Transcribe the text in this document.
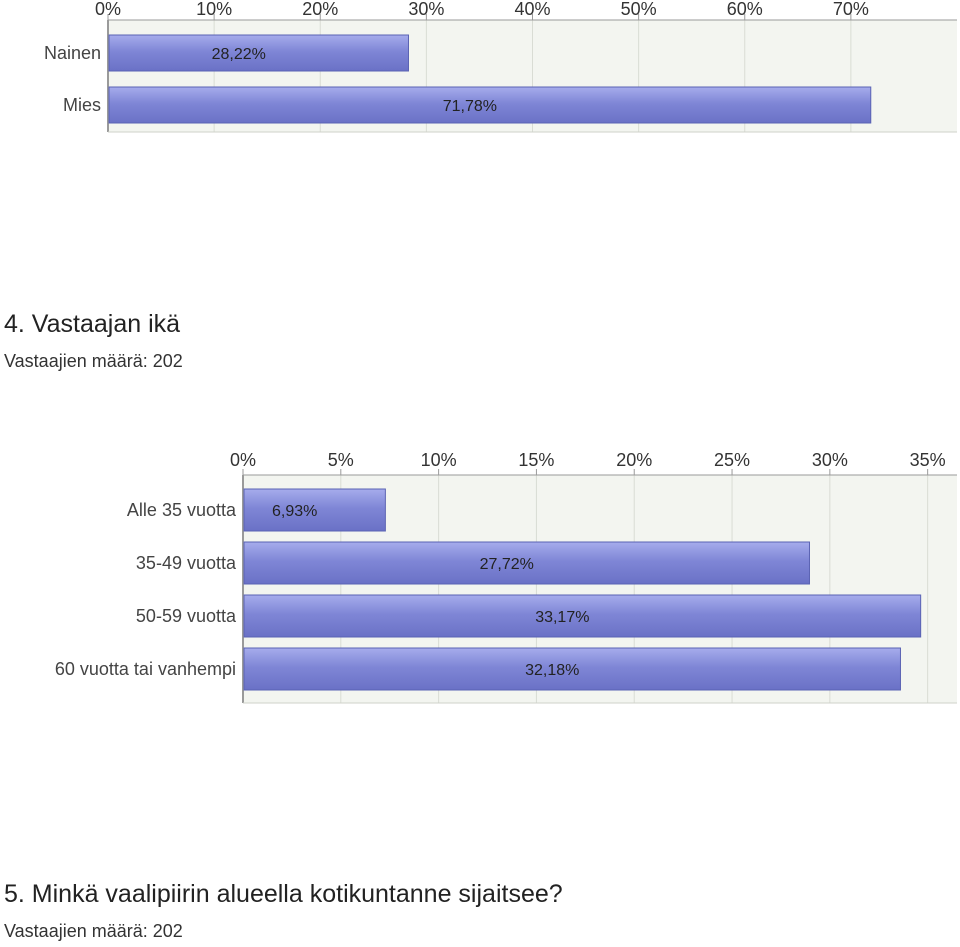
0%	10%	20%	30%	40%	50%	60%	70%
Nainen	28,22%
Mies	71,78%
4. Vastaajan ikä
Vastaajien määrä: 202
0%	5%	10%	15%	20%	25%	30%	35%
Alle 35 vuotta 6,93%
35-49 vuotta	27,72%
50-59 vuotta	33,17%
60 vuotta tai vanhempi	32,18%
5. Minkä vaalipiirin alueella kotikuntanne sijaitsee?
Vastaajien määrä: 202
